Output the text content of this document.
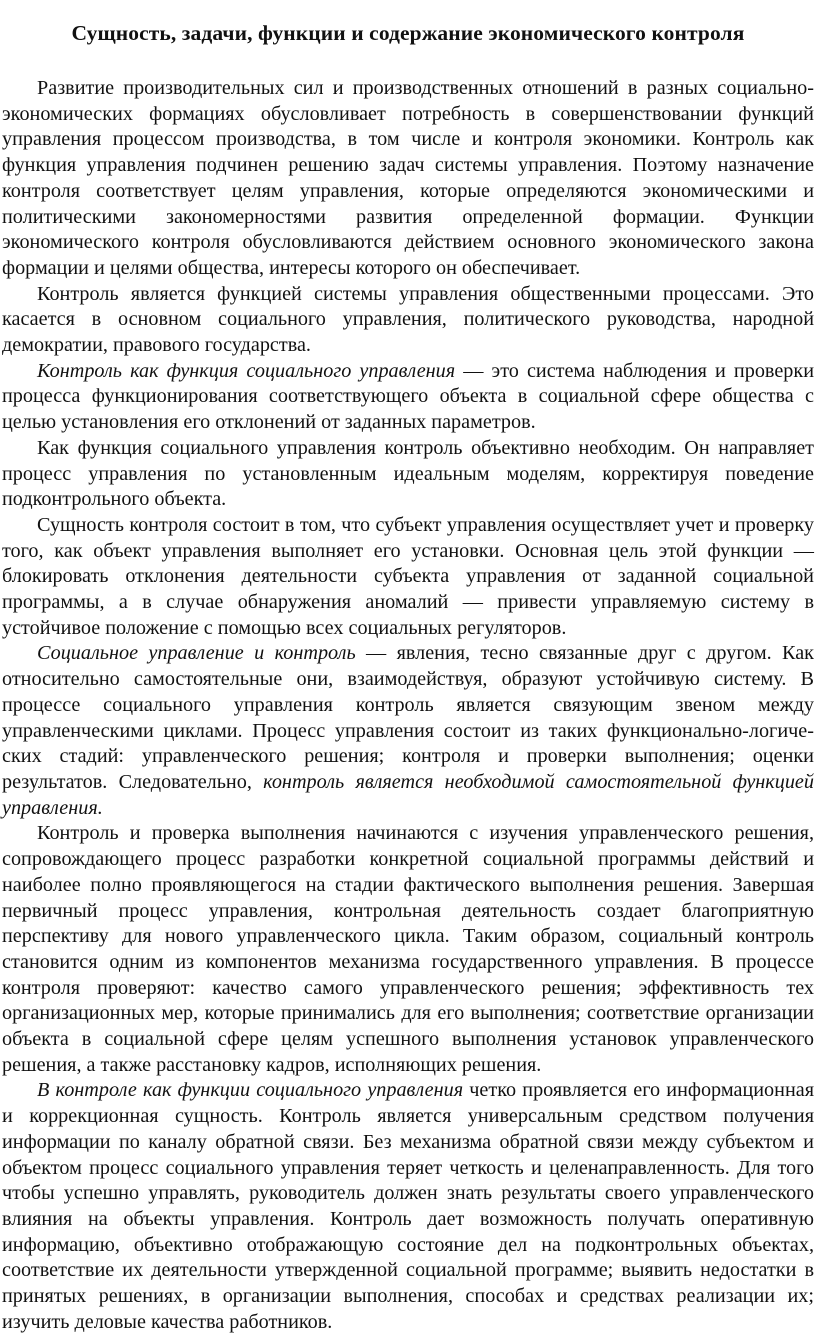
Сущность, задачи, функции и содержание экономического контроля

Развитие производительных сил и производственных отношений в разных социально-экономических формациях обусловливает потребность в совершенствовании функций управления процессом производства, в том числе и контроля экономики. Контроль как функция управления подчинен решению задач системы управления. Поэтому назначение контроля соответствует целям управления, которые определяются экономическими и политическими закономерностями развития определенной формации. Функции экономического контроля обусловливаются действием основного экономического закона формации и целями общества, интересы которого он обеспечивает.

Контроль является функцией системы управления общественными процессами. Это касается в основном социального управления, политического руководства, народной демократии, правового государства.

Контроль как функция социального управления — это система наблюдения и проверки процесса функционирования соответствующего объекта в социальной сфере общества с целью установления его отклонений от заданных параметров.

Как функция социального управления контроль объективно необходим. Он направляет процесс управления по установленным идеальным моделям, корректируя поведение подконтрольного объекта.

Сущность контроля состоит в том, что субъект управления осуществляет учет и проверку того, как объект управления выполняет его установки. Основная цель этой функции — блокировать отклонения деятельности субъекта управления от заданной социальной программы, а в случае обнаружения аномалий — привести управляемую систему в устойчивое положение с помощью всех социальных регуляторов.

Социальное управление и контроль — явления, тесно связанные друг с другом. Как относительно самостоятельные они, взаимодействуя, образуют устойчивую систему. В процессе социального управления контроль является связующим звеном между управленческими циклами. Процесс управления состоит из таких функционально-логических стадий: управленческого решения; контроля и проверки выполнения; оценки результатов. Следовательно, контроль является необходимой самостоятельной функцией управления.

Контроль и проверка выполнения начинаются с изучения управленческого решения, сопровождающего процесс разработки конкретной социальной программы действий и наиболее полно проявляющегося на стадии фактического выполнения решения. Завершая первичный процесс управления, контрольная деятельность создает благоприятную перспективу для нового управленческого цикла. Таким образом, социальный контроль становится одним из компонентов механизма государственного управления. В процессе контроля проверяют: качество самого управленческого решения; эффективность тех организационных мер, которые принимались для его выполнения; соответствие организации объекта в социальной сфере целям успешного выполнения установок управленческого решения, а также расстановку кадров, исполняющих решения.

В контроле как функции социального управления четко проявляется его информационная и коррекционная сущность. Контроль является универсальным средством получения информации по каналу обратной связи. Без механизма обратной связи между субъектом и объектом процесс социального управления теряет четкость и целенаправленность. Для того чтобы успешно управлять, руководитель должен знать результаты своего управленческого влияния на объекты управления. Контроль дает возможность получать оперативную информацию, объективно отображающую состояние дел на подконтрольных объектах, соответствие их деятельности утвержденной социальной программе; выявить недостатки в принятых решениях, в организации выполнения, способах и средствах реализации их; изучить деловые качества работников.
